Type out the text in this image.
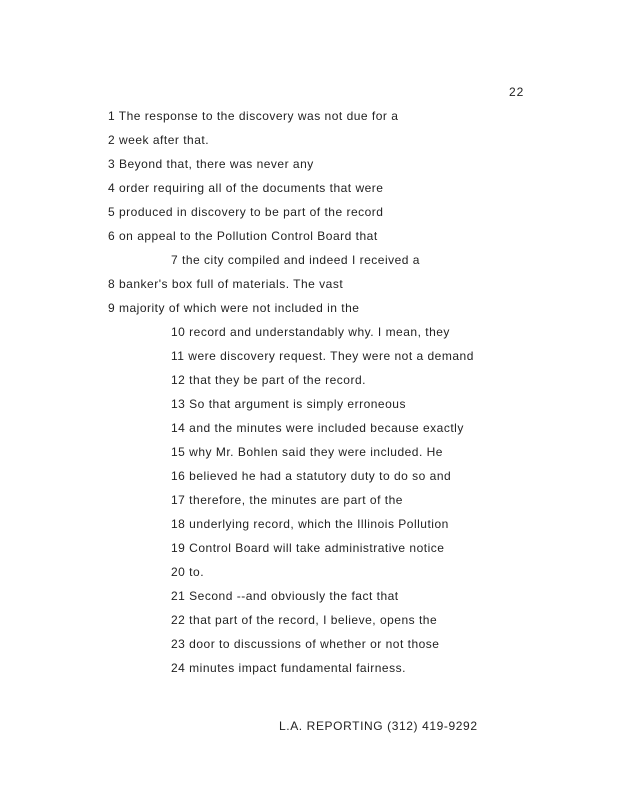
22
1 The response to the discovery was not due for a
2 week after that.
3 Beyond that, there was never any
4 order requiring all of the documents that were
5 produced in discovery to be part of the record
6 on appeal to the Pollution Control Board that
7 the city compiled and indeed I received a
8 banker's box full of materials. The vast
9 majority of which were not included in the
10 record and understandably why. I mean, they
11 were discovery request. They were not a demand
12 that they be part of the record.
13 So that argument is simply erroneous
14 and the minutes were included because exactly
15 why Mr. Bohlen said they were included. He
16 believed he had a statutory duty to do so and
17 therefore, the minutes are part of the
18 underlying record, which the Illinois Pollution
19 Control Board will take administrative notice
20 to.
21 Second --and obviously the fact that
22 that part of the record, I believe, opens the
23 door to discussions of whether or not those
24 minutes impact fundamental fairness.
L.A. REPORTING (312) 419-9292
